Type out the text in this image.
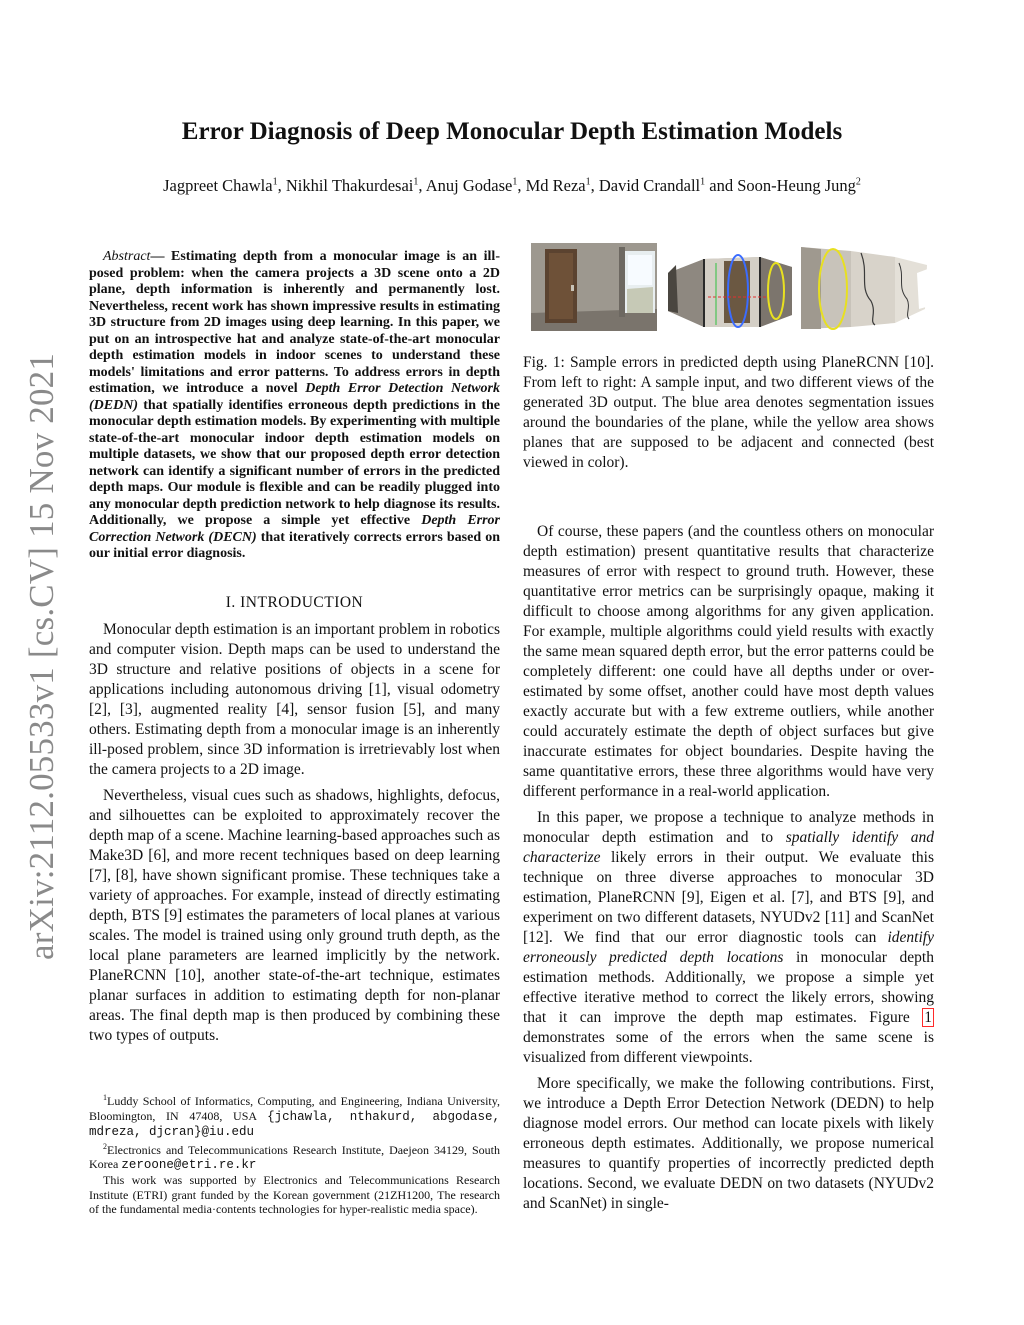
Error Diagnosis of Deep Monocular Depth Estimation Models
Jagpreet Chawla$^1$, Nikhil Thakurdesai$^1$, Anuj Godase$^1$, Md Reza$^1$, David Crandall$^1$ and Soon-Heung Jung$^2$
arXiv:2112.05533v1 [cs.CV] 15 Nov 2021
Abstract— Estimating depth from a monocular image is an ill-posed problem: when the camera projects a 3D scene onto a 2D plane, depth information is inherently and permanently lost. Nevertheless, recent work has shown impressive results in estimating 3D structure from 2D images using deep learning. In this paper, we put on an introspective hat and analyze state-of-the-art monocular depth estimation models in indoor scenes to understand these models' limitations and error patterns. To address errors in depth estimation, we introduce a novel Depth Error Detection Network (DEDN) that spatially identifies erroneous depth predictions in the monocular depth estimation models. By experimenting with multiple state-of-the-art monocular indoor depth estimation models on multiple datasets, we show that our proposed depth error detection network can identify a significant number of errors in the predicted depth maps. Our module is flexible and can be readily plugged into any monocular depth prediction network to help diagnose its results. Additionally, we propose a simple yet effective Depth Error Correction Network (DECN) that iteratively corrects errors based on our initial error diagnosis.
I. INTRODUCTION

Monocular depth estimation is an important problem in robotics and computer vision. Depth maps can be used to understand the 3D structure and relative positions of objects in a scene for applications including autonomous driving [1], visual odometry [2], [3], augmented reality [4], sensor fusion [5], and many others. Estimating depth from a monocular image is an inherently ill-posed problem, since 3D information is irretrievably lost when the camera projects to a 2D image.

Nevertheless, visual cues such as shadows, highlights, defocus, and silhouettes can be exploited to approximately recover the depth map of a scene. Machine learning-based approaches such as Make3D [6], and more recent techniques based on deep learning [7], [8], have shown significant promise. These techniques take a variety of approaches. For example, instead of directly estimating depth, BTS [9] estimates the parameters of local planes at various scales. The model is trained using only ground truth depth, as the local plane parameters are learned implicitly by the network. PlaneRCNN [10], another state-of-the-art technique, estimates planar surfaces in addition to estimating depth for non-planar areas. The final depth map is then produced by combining these two types of outputs.

$^1$Luddy School of Informatics, Computing, and Engineering, Indiana University, Bloomington, IN 47408, USA {jchawla, nthakurd, abgodase, mdreza, djcran}@iu.edu
$^2$Electronics and Telecommunications Research Institute, Daejeon 34129, South Korea zeroone@etri.re.kr
This work was supported by Electronics and Telecommunications Research Institute (ETRI) grant funded by the Korean government (21ZH1200, The research of the fundamental media·contents technologies for hyper-realistic media space).
Fig. 1: Sample errors in predicted depth using PlaneRCNN [10]. From left to right: A sample input, and two different views of the generated 3D output. The blue area denotes segmentation issues around the boundaries of the plane, while the yellow area shows planes that are supposed to be adjacent and connected (best viewed in color).

Of course, these papers (and the countless others on monocular depth estimation) present quantitative results that characterize measures of error with respect to ground truth. However, these quantitative error metrics can be surprisingly opaque, making it difficult to choose among algorithms for any given application. For example, multiple algorithms could yield results with exactly the same mean squared depth error, but the error patterns could be completely different: one could have all depths under or over-estimated by some offset, another could have most depth values exactly accurate but with a few extreme outliers, while another could accurately estimate the depth of object surfaces but give inaccurate estimates for object boundaries. Despite having the same quantitative errors, these three algorithms would have very different performance in a real-world application.

In this paper, we propose a technique to analyze methods in monocular depth estimation and to spatially identify and characterize likely errors in their output. We evaluate this technique on three diverse approaches to monocular 3D estimation, PlaneRCNN [9], Eigen et al. [7], and BTS [9], and experiment on two different datasets, NYUDv2 [11] and ScanNet [12]. We find that our error diagnostic tools can identify erroneously predicted depth locations in monocular depth estimation methods. Additionally, we propose a simple yet effective iterative method to correct the likely errors, showing that it can improve the depth map estimates. Figure 1 demonstrates some of the errors when the same scene is visualized from different viewpoints.

More specifically, we make the following contributions. First, we introduce a Depth Error Detection Network (DEDN) to help diagnose model errors. Our method can locate pixels with likely erroneous depth estimates. Additionally, we propose numerical measures to quantify properties of incorrectly predicted depth locations. Second, we evaluate DEDN on two datasets (NYUDv2 and ScanNet) in single-
